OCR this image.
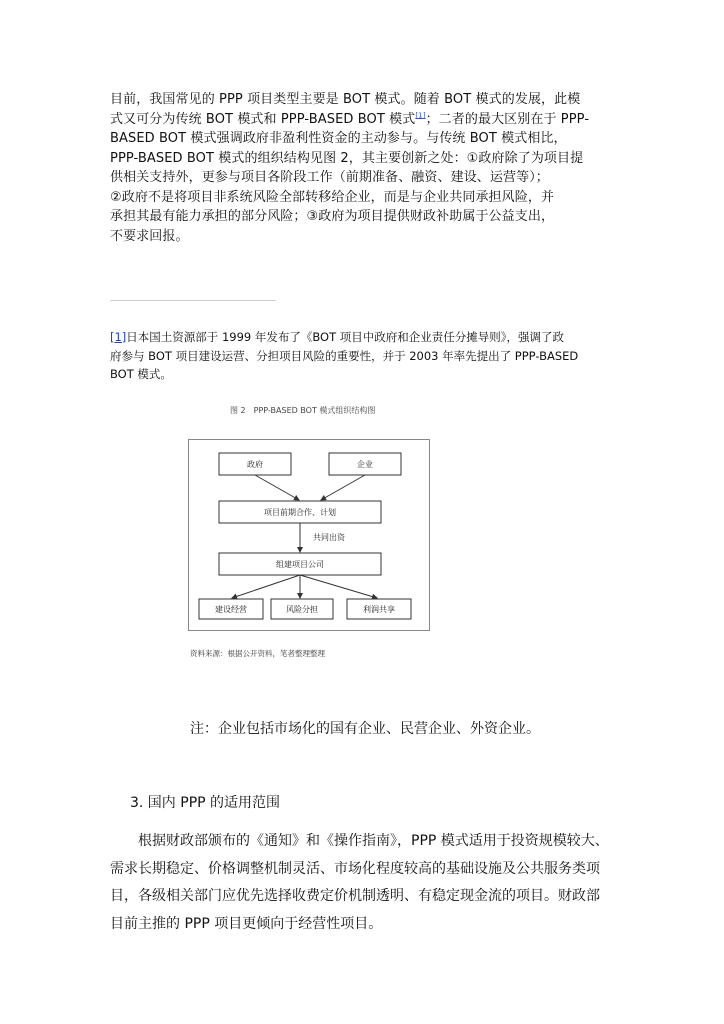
目前，我国常见的 PPP 项目类型主要是 BOT 模式。随着 BOT 模式的发展，此模
式又可分为传统 BOT 模式和 PPP-BASED BOT 模式[1]；二者的最大区别在于 PPP-
BASED BOT 模式强调政府非盈利性资金的主动参与。与传统 BOT 模式相比，
PPP-BASED BOT 模式的组织结构见图 2，其主要创新之处：①政府除了为项目提
供相关支持外，更参与项目各阶段工作（前期准备、融资、建设、运营等）；
②政府不是将项目非系统风险全部转移给企业，而是与企业共同承担风险，并
承担其最有能力承担的部分风险；③政府为项目提供财政补助属于公益支出，
不要求回报。
[1]日本国土资源部于 1999 年发布了《BOT 项目中政府和企业责任分摊导则》，强调了政
府参与 BOT 项目建设运营、分担项目风险的重要性，并于 2003 年率先提出了 PPP-BASED
BOT 模式。
图 2　PPP-BASED BOT 模式组织结构图
政府	企业
项目前期合作、计划
共同出资
组建项目公司
建设经营	风险分担	利润共享
资料来源：根据公开资料，笔者整理整理
注：企业包括市场化的国有企业、民营企业、外资企业。
3. 国内 PPP 的适用范围
根据财政部颁布的《通知》和《操作指南》，PPP 模式适用于投资规模较大、
需求长期稳定、价格调整机制灵活、市场化程度较高的基础设施及公共服务类项
目，各级相关部门应优先选择收费定价机制透明、有稳定现金流的项目。财政部
目前主推的 PPP 项目更倾向于经营性项目。
